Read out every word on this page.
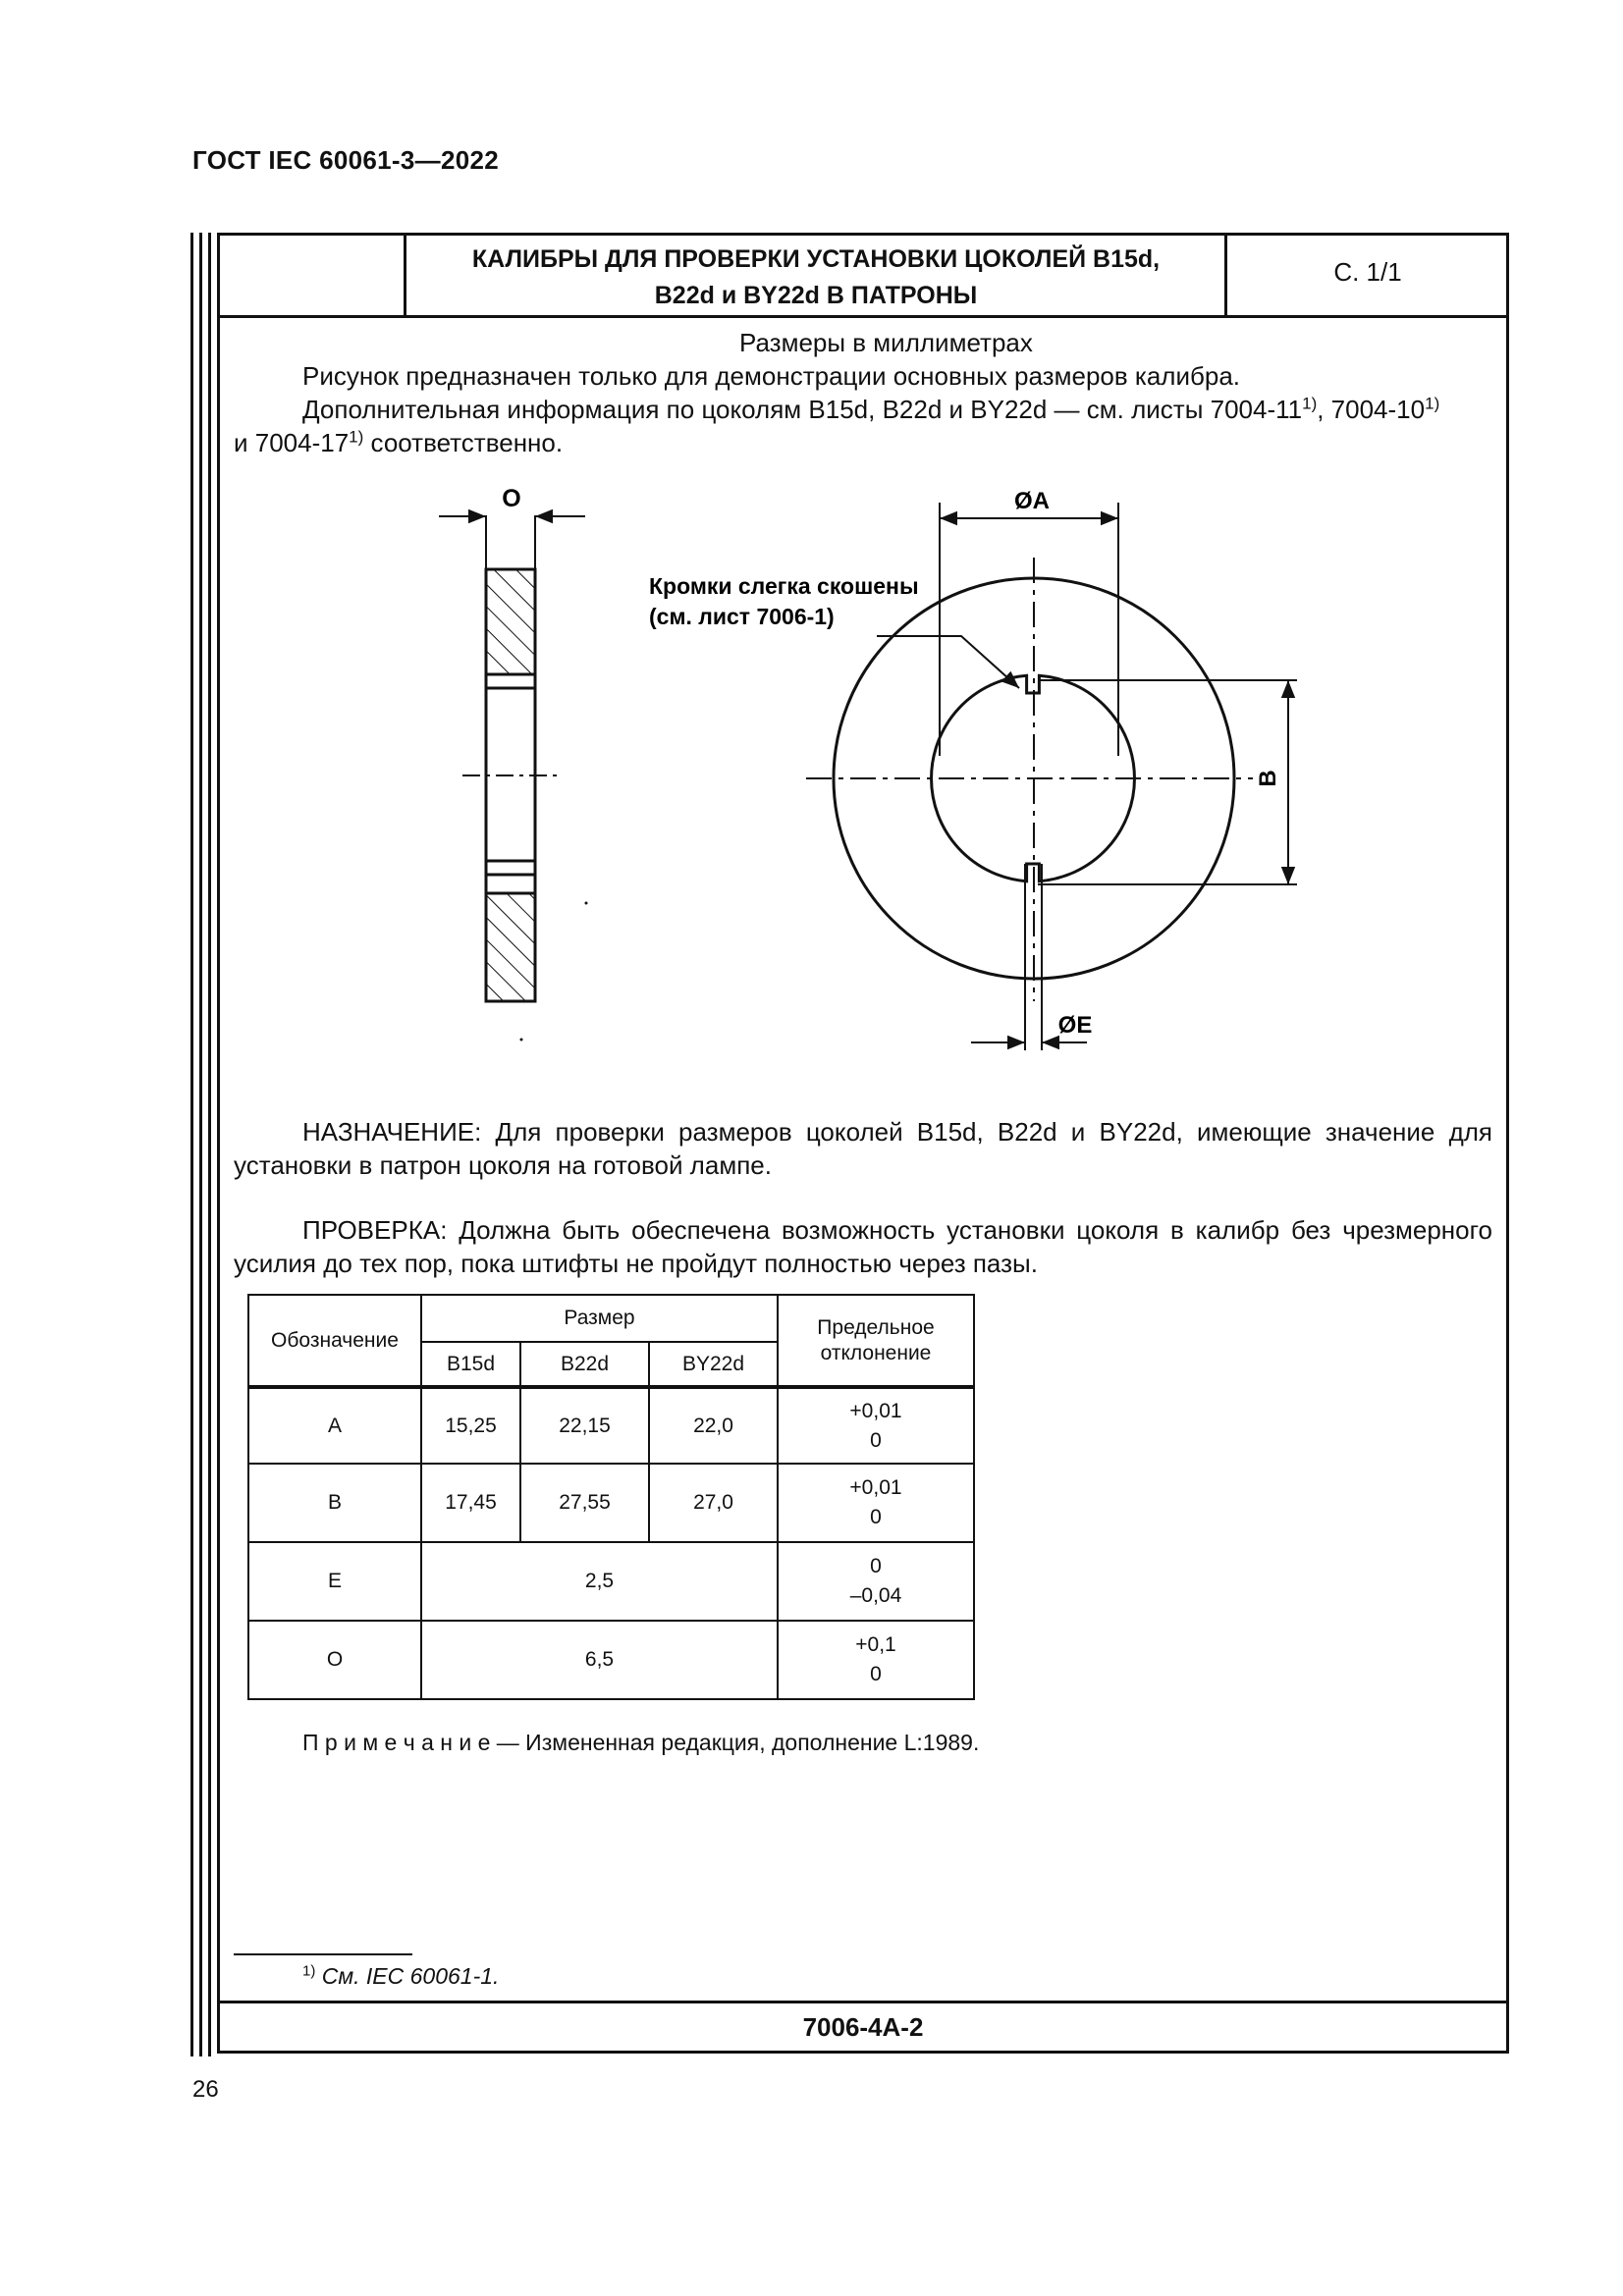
ГОСТ IEC 60061-3—2022
КАЛИБРЫ ДЛЯ ПРОВЕРКИ УСТАНОВКИ ЦОКОЛЕЙ B15d,
B22d и BY22d В ПАТРОНЫ
С. 1/1
Размеры в миллиметрах
Рисунок предназначен только для демонстрации основных размеров калибра.
Дополнительная информация по цоколям B15d, B22d и BY22d — см. листы 7004-11$^{1)}$, 7004-10$^{1)}$
и 7004-17$^{1)}$ соответственно.
O	ØA
B
ØE
Кромки слегка скошены
(см. лист 7006-1)
НАЗНАЧЕНИЕ: Для проверки размеров цоколей B15d, B22d и BY22d, имеющие значение для установки в патрон цоколя на готовой лампе.
ПРОВЕРКА: Должна быть обеспечена возможность установки цоколя в калибр без чрезмерного усилия до тех пор, пока штифты не пройдут полностью через пазы.
Обозначение	Размер			Предельное
отклонение

	B15d	B22d	BY22d	
A	15,25	22,15	22,0	+0,01
0

B	17,45	27,55	27,0	+0,01
0

E	2,5			0
–0,04

O	6,5			+0,1
0
П р и м е ч а н и е — Измененная редакция, дополнение L:1989.
$^{1)}$ См. IEC 60061-1.
7006-4А-2
26
